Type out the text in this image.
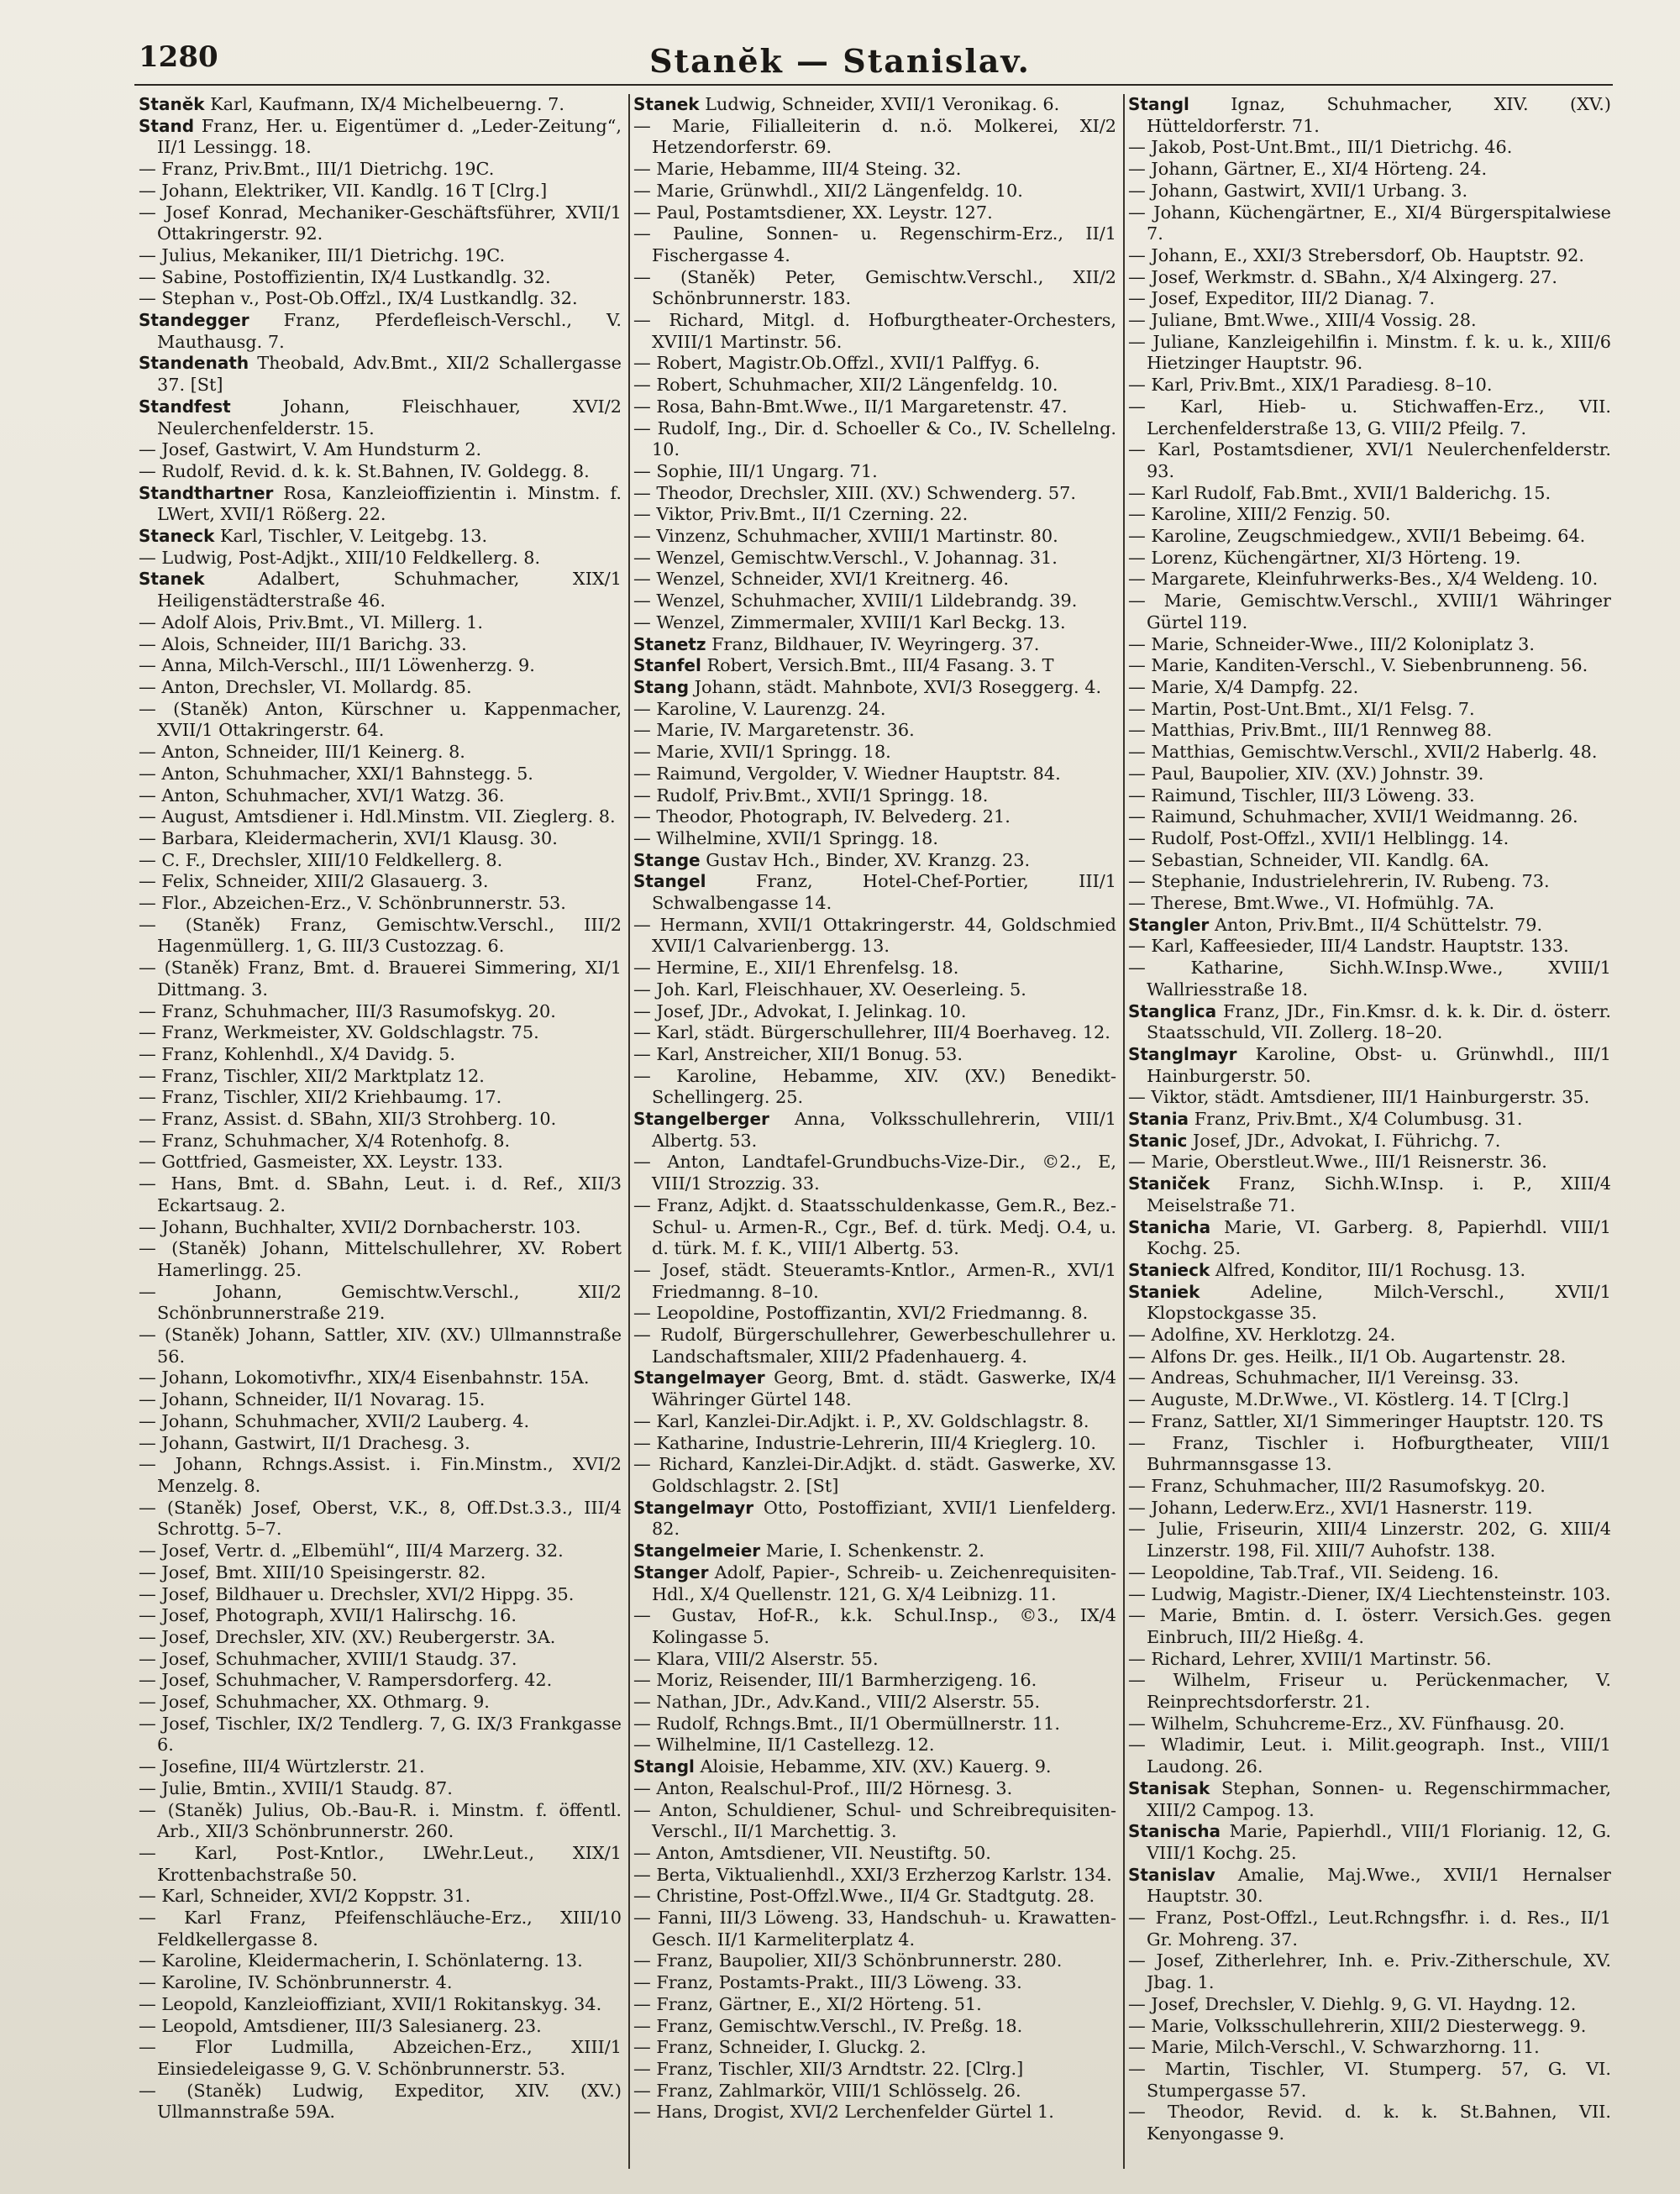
1280	Stanĕk — Stanislav.
Stanĕk Karl, Kaufmann, IX/4 Michelbeuerng. 7.
Stand Franz, Her. u. Eigentümer d. „Leder-Zeitung“, II/1 Lessingg. 18.
— Franz, Priv.Bmt., III/1 Dietrichg. 19C.
— Johann, Elektriker, VII. Kandlg. 16 T [Clrg.]
— Josef Konrad, Mechaniker-Geschäftsführer, XVII/1 Ottakringerstr. 92.
— Julius, Mekaniker, III/1 Dietrichg. 19C.
— Sabine, Postoffizientin, IX/4 Lustkandlg. 32.
— Stephan v., Post-Ob.Offzl., IX/4 Lustkandlg. 32.
Standegger Franz, Pferdefleisch-Verschl., V. Mauthausg. 7.
Standenath Theobald, Adv.Bmt., XII/2 Schallergasse 37. [St]
Standfest	Johann, Fleischhauer, XVI/2 Neulerchenfelderstr. 15.
— Josef, Gastwirt, V. Am Hundsturm 2.
— Rudolf, Revid. d. k. k. St.Bahnen, IV. Goldegg. 8.
Standthartner Rosa, Kanzleioffizientin i. Minstm. f. LWert, XVII/1 Rößerg. 22.
Staneck Karl, Tischler, V. Leitgebg. 13.
— Ludwig, Post-Adjkt., XIII/10 Feldkellerg. 8.
Stanek	Adalbert, Schuhmacher, XIX/1 Heiligenstädterstraße 46.
— Adolf Alois, Priv.Bmt., VI. Millerg. 1.
— Alois, Schneider, III/1 Barichg. 33.
— Anna, Milch-Verschl., III/1 Löwenherzg. 9.
— Anton, Drechsler, VI. Mollardg. 85.
— (Staněk) Anton, Kürschner u. Kappenmacher, XVII/1 Ottakringerstr. 64.
— Anton, Schneider, III/1 Keinerg. 8.
— Anton, Schuhmacher, XXI/1 Bahnstegg. 5.
— Anton, Schuhmacher, XVI/1 Watzg. 36.
— August, Amtsdiener i. Hdl.Minstm. VII. Zieglerg. 8.
— Barbara, Kleidermacherin, XVI/1 Klausg. 30.
— C. F., Drechsler, XIII/10 Feldkellerg. 8.
— Felix, Schneider, XIII/2 Glasauerg. 3.
— Flor., Abzeichen-Erz., V. Schönbrunnerstr. 53.
— (Staněk) Franz, Gemischtw.Verschl., III/2 Hagenmüllerg. 1, G. III/3 Custozzag. 6.
— (Staněk) Franz, Bmt. d. Brauerei Simmering, XI/1 Dittmang. 3.
— Franz, Schuhmacher, III/3 Rasumofskyg. 20.
— Franz, Werkmeister, XV. Goldschlagstr. 75.
— Franz, Kohlenhdl., X/4 Davidg. 5.
— Franz, Tischler, XII/2 Marktplatz 12.
— Franz, Tischler, XII/2 Kriehbaumg. 17.
— Franz, Assist. d. SBahn, XII/3 Strohberg. 10.
— Franz, Schuhmacher, X/4 Rotenhofg. 8.
— Gottfried, Gasmeister, XX. Leystr. 133.
— Hans, Bmt. d. SBahn, Leut. i. d. Ref., XII/3 Eckartsaug. 2.
— Johann, Buchhalter, XVII/2 Dornbacherstr. 103.
— (Staněk) Johann, Mittelschullehrer, XV. Robert Hamerlingg. 25.
— Johann, Gemischtw.Verschl., XII/2 Schönbrunnerstraße 219.
— (Staněk) Johann, Sattler, XIV. (XV.) Ullmannstraße 56.
— Johann, Lokomotivfhr., XIX/4 Eisenbahnstr. 15A.
— Johann, Schneider, II/1 Novarag. 15.
— Johann, Schuhmacher, XVII/2 Lauberg. 4.
— Johann, Gastwirt, II/1 Drachesg. 3.
— Johann, Rchngs.Assist. i. Fin.Minstm., XVI/2 Menzelg. 8.
— (Staněk) Josef, Oberst, V.K., 8, Off.Dst.3.3., III/4 Schrottg. 5–7.
— Josef, Vertr. d. „Elbemühl“, III/4 Marzerg. 32.
— Josef, Bmt. XIII/10 Speisingerstr. 82.
— Josef, Bildhauer u. Drechsler, XVI/2 Hippg. 35.
— Josef, Photograph, XVII/1 Halirschg. 16.
— Josef, Drechsler, XIV. (XV.) Reubergerstr. 3A.
— Josef, Schuhmacher, XVIII/1 Staudg. 37.
— Josef, Schuhmacher, V. Rampersdorferg. 42.
— Josef, Schuhmacher, XX. Othmarg. 9.
— Josef, Tischler, IX/2 Tendlerg. 7, G. IX/3 Frankgasse 6.
— Josefine, III/4 Würtzlerstr. 21.
— Julie, Bmtin., XVIII/1 Staudg. 87.
— (Staněk) Julius, Ob.-Bau-R. i. Minstm. f. öffentl. Arb., XII/3 Schönbrunnerstr. 260.
— Karl, Post-Kntlor., LWehr.Leut., XIX/1 Krottenbachstraße 50.
— Karl, Schneider, XVI/2 Koppstr. 31.
— Karl Franz, Pfeifenschläuche-Erz., XIII/10 Feldkellergasse 8.
— Karoline, Kleidermacherin, I. Schönlaterng. 13.
— Karoline, IV. Schönbrunnerstr. 4.
— Leopold, Kanzleioffiziant, XVII/1 Rokitanskyg. 34.
— Leopold, Amtsdiener, III/3 Salesianerg. 23.
— Flor Ludmilla, Abzeichen-Erz., XIII/1 Einsiedeleigasse 9, G. V. Schönbrunnerstr. 53.
— (Staněk) Ludwig, Expeditor, XIV. (XV.) Ullmannstraße 59A.
Stanek Ludwig, Schneider, XVII/1 Veronikag. 6.
— Marie, Filialleiterin d. n.ö. Molkerei, XI/2 Hetzendorferstr. 69.
— Marie, Hebamme, III/4 Steing. 32.
— Marie, Grünwhdl., XII/2 Längenfeldg. 10.
— Paul, Postamtsdiener, XX. Leystr. 127.
— Pauline, Sonnen- u. Regenschirm-Erz., II/1 Fischergasse 4.
— (Staněk) Peter, Gemischtw.Verschl., XII/2 Schönbrunnerstr. 183.
— Richard, Mitgl. d. Hofburgtheater-Orchesters, XVIII/1 Martinstr. 56.
— Robert, Magistr.Ob.Offzl., XVII/1 Palffyg. 6.
— Robert, Schuhmacher, XII/2 Längenfeldg. 10.
— Rosa, Bahn-Bmt.Wwe., II/1 Margaretenstr. 47.
— Rudolf, Ing., Dir. d. Schoeller & Co., IV. Schellelng. 10.
— Sophie, III/1 Ungarg. 71.
— Theodor, Drechsler, XIII. (XV.) Schwenderg. 57.
— Viktor, Priv.Bmt., II/1 Czerning. 22.
— Vinzenz, Schuhmacher, XVIII/1 Martinstr. 80.
— Wenzel, Gemischtw.Verschl., V. Johannag. 31.
— Wenzel, Schneider, XVI/1 Kreitnerg. 46.
— Wenzel, Schuhmacher, XVIII/1 Lildebrandg. 39.
— Wenzel, Zimmermaler, XVIII/1 Karl Beckg. 13.
Stanetz Franz, Bildhauer, IV. Weyringerg. 37.
Stanfel Robert, Versich.Bmt., III/4 Fasang. 3. T
Stang Johann, städt. Mahnbote, XVI/3 Roseggerg. 4.
— Karoline, V. Laurenzg. 24.
— Marie, IV. Margaretenstr. 36.
— Marie, XVII/1 Springg. 18.
— Raimund, Vergolder, V. Wiedner Hauptstr. 84.
— Rudolf, Priv.Bmt., XVII/1 Springg. 18.
— Theodor, Photograph, IV. Belvederg. 21.
— Wilhelmine, XVII/1 Springg. 18.
Stange Gustav Hch., Binder, XV. Kranzg. 23.
Stangel	Franz, Hotel-Chef-Portier, III/1 Schwalbengasse 14.
— Hermann, XVII/1 Ottakringerstr. 44, Goldschmied XVII/1 Calvarienbergg. 13.
— Hermine, E., XII/1 Ehrenfelsg. 18.
— Joh. Karl, Fleischhauer, XV. Oeserleing. 5.
— Josef, JDr., Advokat, I. Jelinkag. 10.
— Karl, städt. Bürgerschullehrer, III/4 Boerhaveg. 12.
— Karl, Anstreicher, XII/1 Bonug. 53.
— Karoline, Hebamme, XIV. (XV.) Benedikt-Schellingerg. 25.
Stangelberger Anna, Volksschullehrerin, VIII/1 Albertg. 53.
— Anton, Landtafel-Grundbuchs-Vize-Dir., ©2., E, VIII/1 Strozzig. 33.
— Franz, Adjkt. d. Staatsschuldenkasse, Gem.R., Bez.-Schul- u. Armen-R., Cgr., Bef. d. türk. Medj. O.4, u. d. türk. M. f. K., VIII/1 Albertg. 53.
— Josef, städt. Steueramts-Kntlor., Armen-R., XVI/1 Friedmanng. 8–10.
— Leopoldine, Postoffizantin, XVI/2 Friedmanng. 8.
— Rudolf, Bürgerschullehrer, Gewerbeschullehrer u. Landschaftsmaler, XIII/2 Pfadenhauerg. 4.
Stangelmayer Georg, Bmt. d. städt. Gaswerke, IX/4 Währinger Gürtel 148.
— Karl, Kanzlei-Dir.Adjkt. i. P., XV. Goldschlagstr. 8.
— Katharine, Industrie-Lehrerin, III/4 Krieglerg. 10.
— Richard, Kanzlei-Dir.Adjkt. d. städt. Gaswerke, XV. Goldschlagstr. 2. [St]
Stangelmayr Otto, Postoffiziant, XVII/1 Lienfelderg. 82.
Stangelmeier Marie, I. Schenkenstr. 2.
Stanger Adolf, Papier-, Schreib- u. Zeichenrequisiten-Hdl., X/4 Quellenstr. 121, G. X/4 Leibnizg. 11.
— Gustav, Hof-R., k.k. Schul.Insp., ©3., IX/4 Kolingasse 5.
— Klara, VIII/2 Alserstr. 55.
— Moriz, Reisender, III/1 Barmherzigeng. 16.
— Nathan, JDr., Adv.Kand., VIII/2 Alserstr. 55.
— Rudolf, Rchngs.Bmt., II/1 Obermüllnerstr. 11.
— Wilhelmine, II/1 Castellezg. 12.
Stangl Aloisie, Hebamme, XIV. (XV.) Kauerg. 9.
— Anton, Realschul-Prof., III/2 Hörnesg. 3.
— Anton, Schuldiener, Schul- und Schreibrequisiten-Verschl., II/1 Marchettig. 3.
— Anton, Amtsdiener, VII. Neustiftg. 50.
— Berta, Viktualienhdl., XXI/3 Erzherzog Karlstr. 134.
— Christine, Post-Offzl.Wwe., II/4 Gr. Stadtgutg. 28.
— Fanni, III/3 Löweng. 33, Handschuh- u. Krawatten-Gesch. II/1 Karmeliterplatz 4.
— Franz, Baupolier, XII/3 Schönbrunnerstr. 280.
— Franz, Postamts-Prakt., III/3 Löweng. 33.
— Franz, Gärtner, E., XI/2 Hörteng. 51.
— Franz, Gemischtw.Verschl., IV. Preßg. 18.
— Franz, Schneider, I. Gluckg. 2.
— Franz, Tischler, XII/3 Arndtstr. 22. [Clrg.]
— Franz, Zahlmarkör, VIII/1 Schlösselg. 26.
— Hans, Drogist, XVI/2 Lerchenfelder Gürtel 1.
Stangl Ignaz, Schuhmacher, XIV. (XV.) Hütteldorferstr. 71.
— Jakob, Post-Unt.Bmt., III/1 Dietrichg. 46.
— Johann, Gärtner, E., XI/4 Hörteng. 24.
— Johann, Gastwirt, XVII/1 Urbang. 3.
— Johann, Küchengärtner, E., XI/4 Bürgerspitalwiese 7.
— Johann, E., XXI/3 Strebersdorf, Ob. Hauptstr. 92.
— Josef, Werkmstr. d. SBahn., X/4 Alxingerg. 27.
— Josef, Expeditor, III/2 Dianag. 7.
— Juliane, Bmt.Wwe., XIII/4 Vossig. 28.
— Juliane, Kanzleigehilfin i. Minstm. f. k. u. k., XIII/6 Hietzinger Hauptstr. 96.
— Karl, Priv.Bmt., XIX/1 Paradiesg. 8–10.
— Karl, Hieb- u. Stichwaffen-Erz., VII. Lerchenfelderstraße 13, G. VIII/2 Pfeilg. 7.
— Karl, Postamtsdiener, XVI/1 Neulerchenfelderstr. 93.
— Karl Rudolf, Fab.Bmt., XVII/1 Balderichg. 15.
— Karoline, XIII/2 Fenzig. 50.
— Karoline, Zeugschmiedgew., XVII/1 Bebeimg. 64.
— Lorenz, Küchengärtner, XI/3 Hörteng. 19.
— Margarete, Kleinfuhrwerks-Bes., X/4 Weldeng. 10.
— Marie, Gemischtw.Verschl., XVIII/1 Währinger Gürtel 119.
— Marie, Schneider-Wwe., III/2 Koloniplatz 3.
— Marie, Kanditen-Verschl., V. Siebenbrunneng. 56.
— Marie, X/4 Dampfg. 22.
— Martin, Post-Unt.Bmt., XI/1 Felsg. 7.
— Matthias, Priv.Bmt., III/1 Rennweg 88.
— Matthias, Gemischtw.Verschl., XVII/2 Haberlg. 48.
— Paul, Baupolier, XIV. (XV.) Johnstr. 39.
— Raimund, Tischler, III/3 Löweng. 33.
— Raimund, Schuhmacher, XVII/1 Weidmanng. 26.
— Rudolf, Post-Offzl., XVII/1 Helblingg. 14.
— Sebastian, Schneider, VII. Kandlg. 6A.
— Stephanie, Industrielehrerin, IV. Rubeng. 73.
— Therese, Bmt.Wwe., VI. Hofmühlg. 7A.
Stangler Anton, Priv.Bmt., II/4 Schüttelstr. 79.
— Karl, Kaffeesieder, III/4 Landstr. Hauptstr. 133.
— Katharine, Sichh.W.Insp.Wwe., XVIII/1 Wallriesstraße 18.
Stanglica Franz, JDr., Fin.Kmsr. d. k. k. Dir. d. österr. Staatsschuld, VII. Zollerg. 18–20.
Stanglmayr Karoline, Obst- u. Grünwhdl., III/1 Hainburgerstr. 50.
— Viktor, städt. Amtsdiener, III/1 Hainburgerstr. 35.
Stania Franz, Priv.Bmt., X/4 Columbusg. 31.
Stanic Josef, JDr., Advokat, I. Führichg. 7.
— Marie, Oberstleut.Wwe., III/1 Reisnerstr. 36.
Staniček Franz, Sichh.W.Insp. i. P., XIII/4 Meiselstraße 71.
Stanicha Marie, VI. Garberg. 8, Papierhdl. VIII/1 Kochg. 25.
Stanieck Alfred, Konditor, III/1 Rochusg. 13.
Staniek	Adeline, Milch-Verschl., XVII/1 Klopstockgasse 35.
— Adolfine, XV. Herklotzg. 24.
— Alfons Dr. ges. Heilk., II/1 Ob. Augartenstr. 28.
— Andreas, Schuhmacher, II/1 Vereinsg. 33.
— Auguste, M.Dr.Wwe., VI. Köstlerg. 14. T [Clrg.]
— Franz, Sattler, XI/1 Simmeringer Hauptstr. 120. TS
— Franz, Tischler i. Hofburgtheater, VIII/1 Buhrmannsgasse 13.
— Franz, Schuhmacher, III/2 Rasumofskyg. 20.
— Johann, Lederw.Erz., XVI/1 Hasnerstr. 119.
— Julie, Friseurin, XIII/4 Linzerstr. 202, G. XIII/4 Linzerstr. 198, Fil. XIII/7 Auhofstr. 138.
— Leopoldine, Tab.Traf., VII. Seideng. 16.
— Ludwig, Magistr.-Diener, IX/4 Liechtensteinstr. 103.
— Marie, Bmtin. d. I. österr. Versich.Ges. gegen Einbruch, III/2 Hießg. 4.
— Richard, Lehrer, XVIII/1 Martinstr. 56.
— Wilhelm, Friseur u. Perückenmacher, V. Reinprechtsdorferstr. 21.
— Wilhelm, Schuhcreme-Erz., XV. Fünfhausg. 20.
— Wladimir, Leut. i. Milit.geograph. Inst., VIII/1 Laudong. 26.
Stanisak Stephan, Sonnen- u. Regenschirmmacher, XIII/2 Campog. 13.
Stanischa Marie, Papierhdl., VIII/1 Florianig. 12, G. VIII/1 Kochg. 25.
Stanislav Amalie, Maj.Wwe., XVII/1 Hernalser Hauptstr. 30.
— Franz, Post-Offzl., Leut.Rchngsfhr. i. d. Res., II/1 Gr. Mohreng. 37.
— Josef, Zitherlehrer, Inh. e. Priv.-Zitherschule, XV. Jbag. 1.
— Josef, Drechsler, V. Diehlg. 9, G. VI. Haydng. 12.
— Marie, Volksschullehrerin, XIII/2 Diesterwegg. 9.
— Marie, Milch-Verschl., V. Schwarzhorng. 11.
— Martin, Tischler, VI. Stumperg. 57, G. VI. Stumpergasse 57.
— Theodor, Revid. d. k. k. St.Bahnen, VII. Kenyongasse 9.
